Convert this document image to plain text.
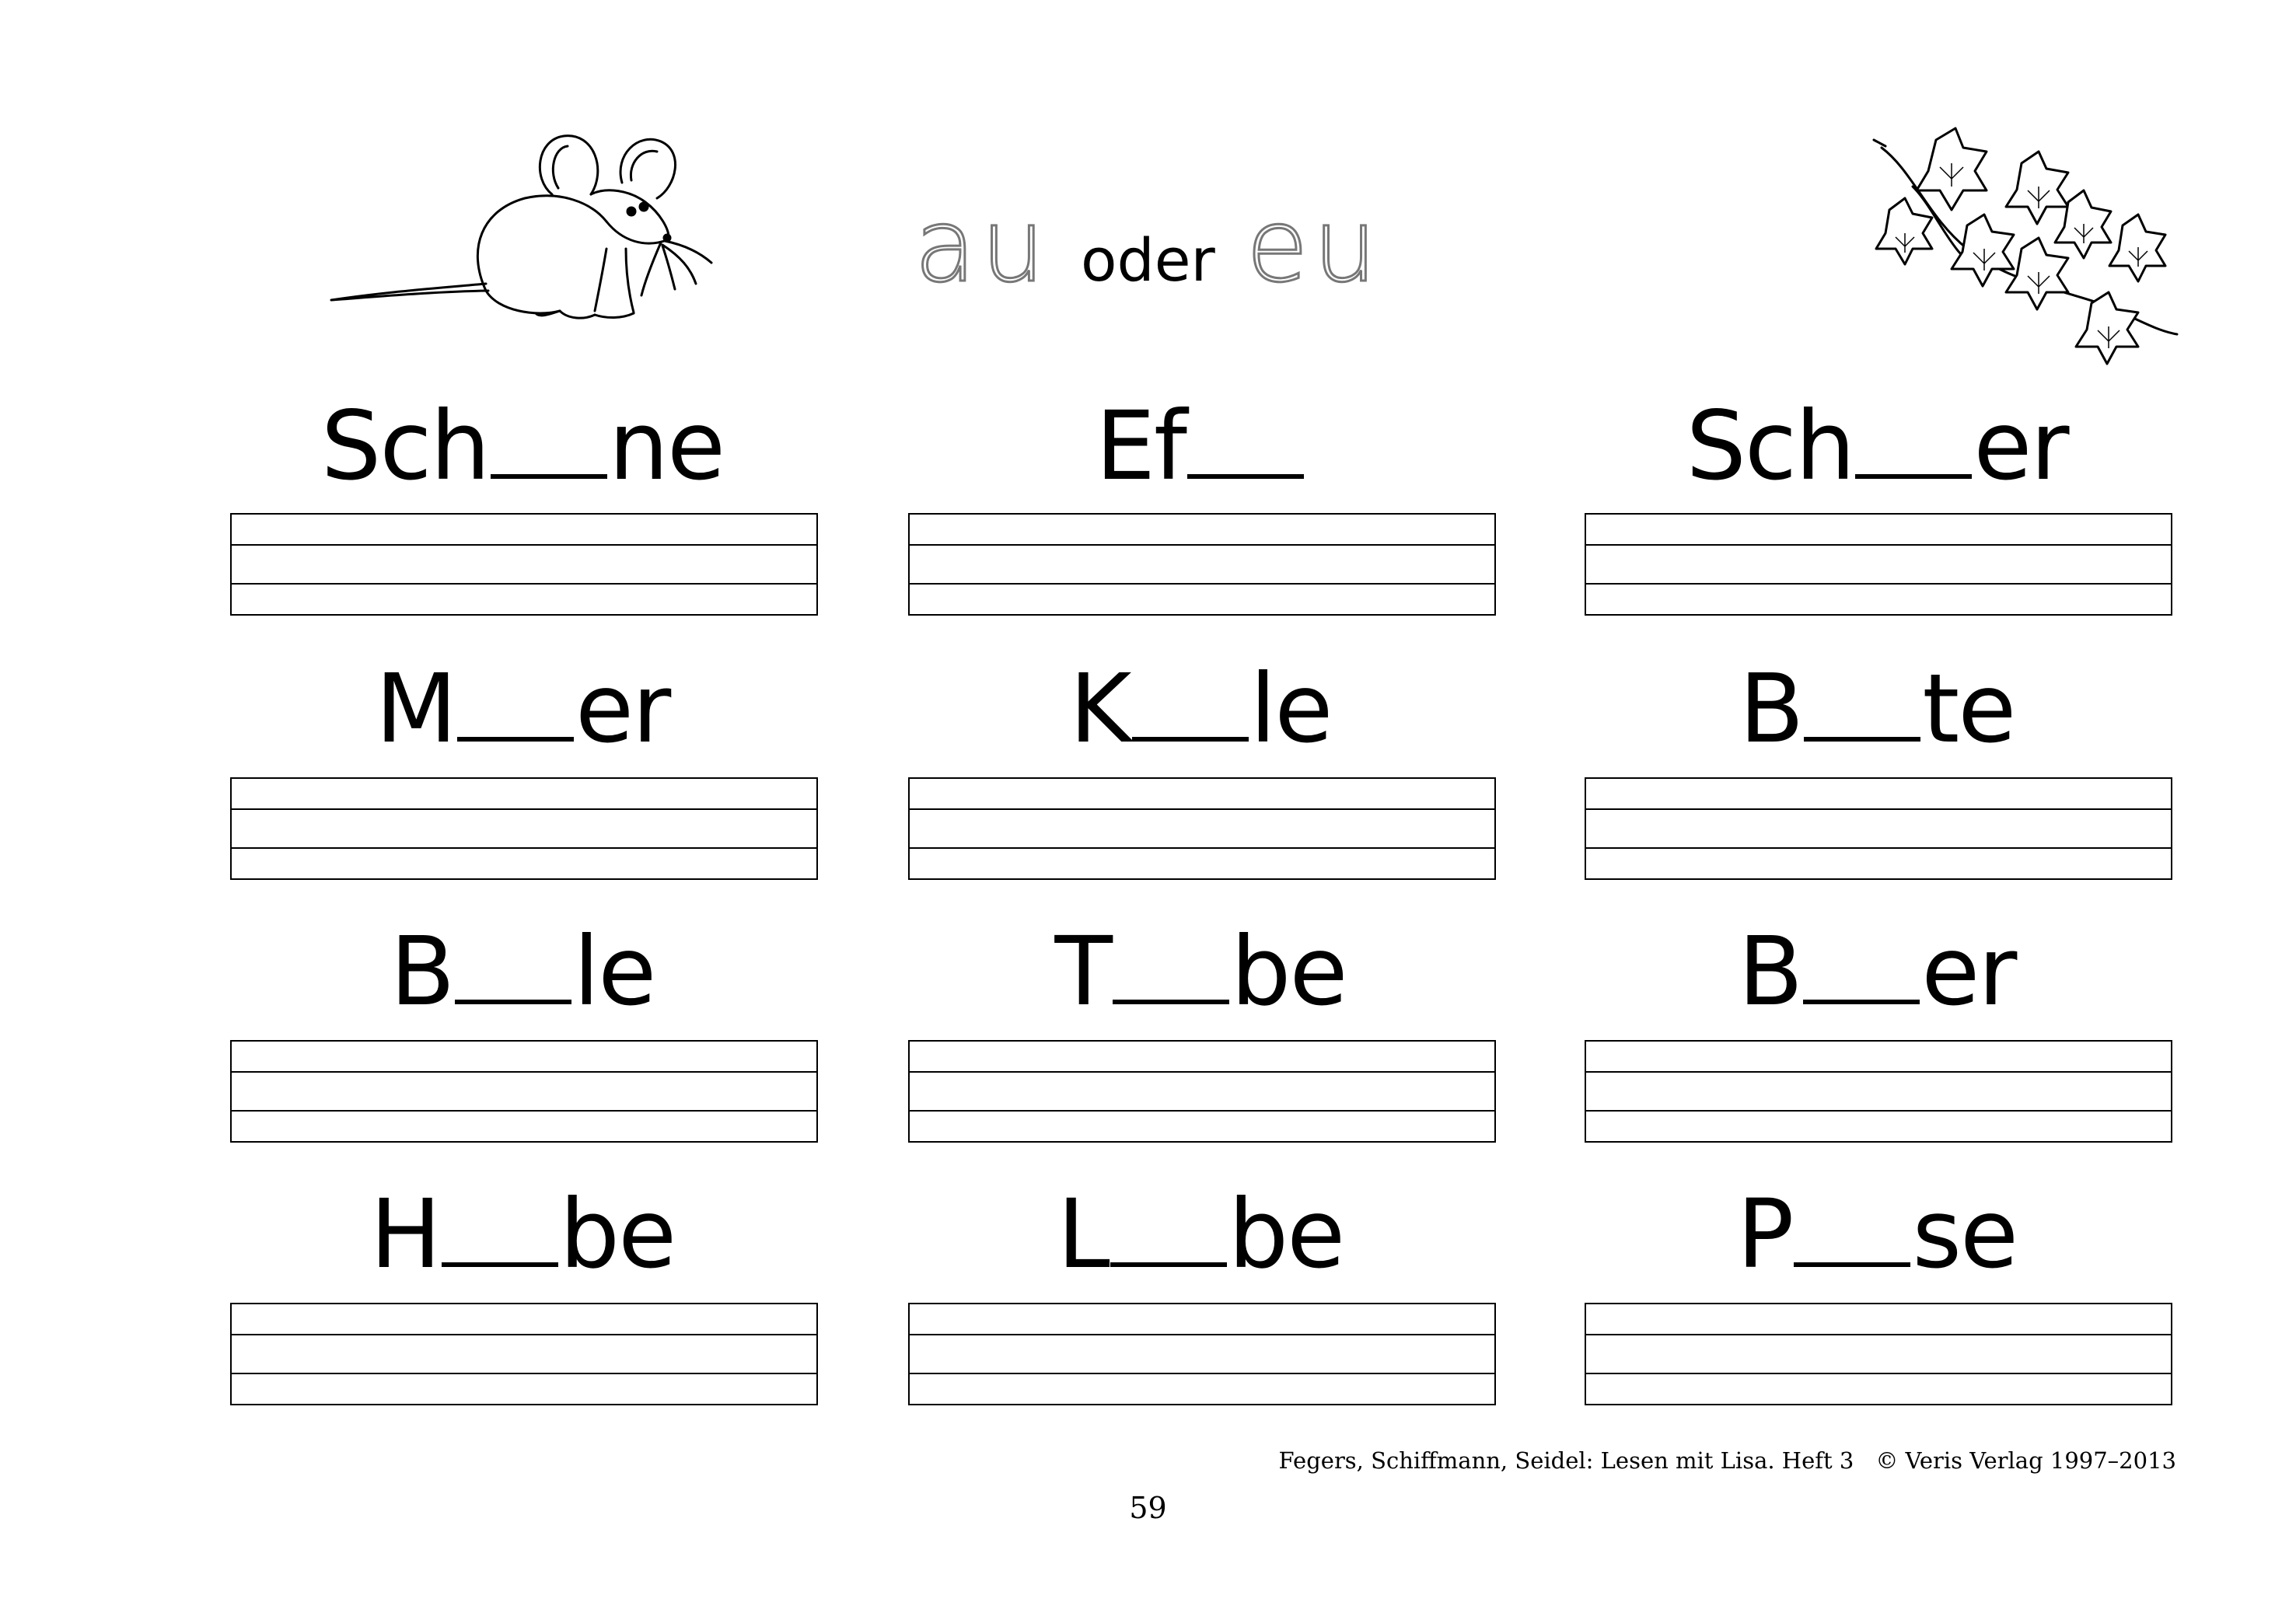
au oder eu
Sch ne	Ef	Sch er
M er	K le	B te
B le	T be	B er
H be	L be	P se
Fegers, Schiffmann, Seidel: Lesen mit Lisa. Heft 3 © Veris Verlag 1997–2013
59
